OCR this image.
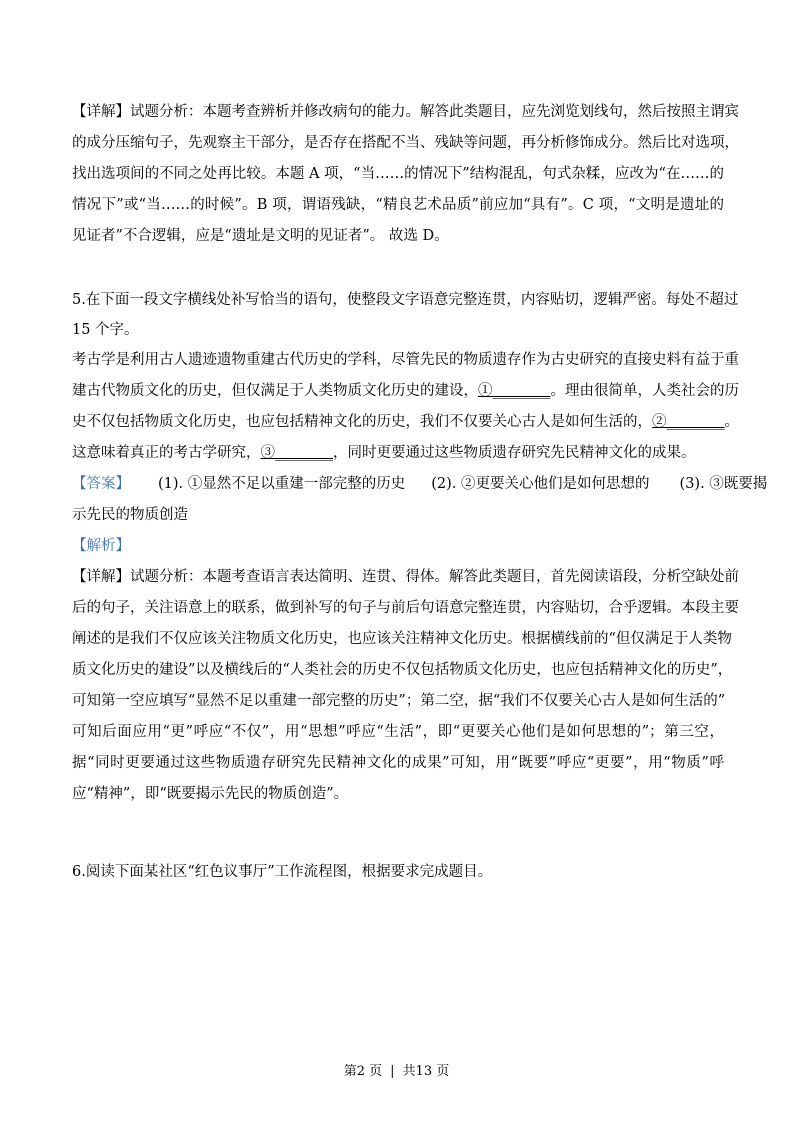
【详解】试题分析：本题考查辨析并修改病句的能力。解答此类题目，应先浏览划线句，然后按照主谓宾
的成分压缩句子，先观察主干部分，是否存在搭配不当、残缺等问题，再分析修饰成分。然后比对选项，
找出选项间的不同之处再比较。本题 A 项，“当……的情况下”结构混乱，句式杂糅，应改为“在……的
情况下”或“当……的时候”。B 项，谓语残缺，“精良艺术品质”前应加“具有”。C 项，“文明是遗址的
见证者”不合逻辑，应是“遗址是文明的见证者”。 故选 D。
5.在下面一段文字横线处补写恰当的语句，使整段文字语意完整连贯，内容贴切，逻辑严密。每处不超过
15 个字。
考古学是利用古人遗迹遗物重建古代历史的学科，尽管先民的物质遗存作为古史研究的直接史料有益于重
建古代物质文化的历史，但仅满足于人类物质文化历史的建设，①________。理由很简单，人类社会的历
史不仅包括物质文化历史，也应包括精神文化的历史，我们不仅要关心古人是如何生活的，②________。
这意味着真正的考古学研究，③________，同时更要通过这些物质遗存研究先民精神文化的成果。
【答案】 (1). ①显然不足以重建一部完整的历史 (2). ②更要关心他们是如何思想的 (3). ③既要揭
示先民的物质创造
【解析】
【详解】试题分析：本题考查语言表达简明、连贯、得体。解答此类题目，首先阅读语段，分析空缺处前
后的句子，关注语意上的联系，做到补写的句子与前后句语意完整连贯，内容贴切，合乎逻辑。本段主要
阐述的是我们不仅应该关注物质文化历史，也应该关注精神文化历史。根据横线前的“但仅满足于人类物
质文化历史的建设”以及横线后的“人类社会的历史不仅包括物质文化历史，也应包括精神文化的历史”，
可知第一空应填写“显然不足以重建一部完整的历史”；第二空，据“我们不仅要关心古人是如何生活的”
可知后面应用“更”呼应“不仅”，用“思想”呼应“生活”，即“更要关心他们是如何思想的”；第三空，
据“同时更要通过这些物质遗存研究先民精神文化的成果”可知，用“既要”呼应“更要”，用“物质”呼
应“精神”，即“既要揭示先民的物质创造”。
6.阅读下面某社区“红色议事厅”工作流程图，根据要求完成题目。
第2 页 | 共13 页
